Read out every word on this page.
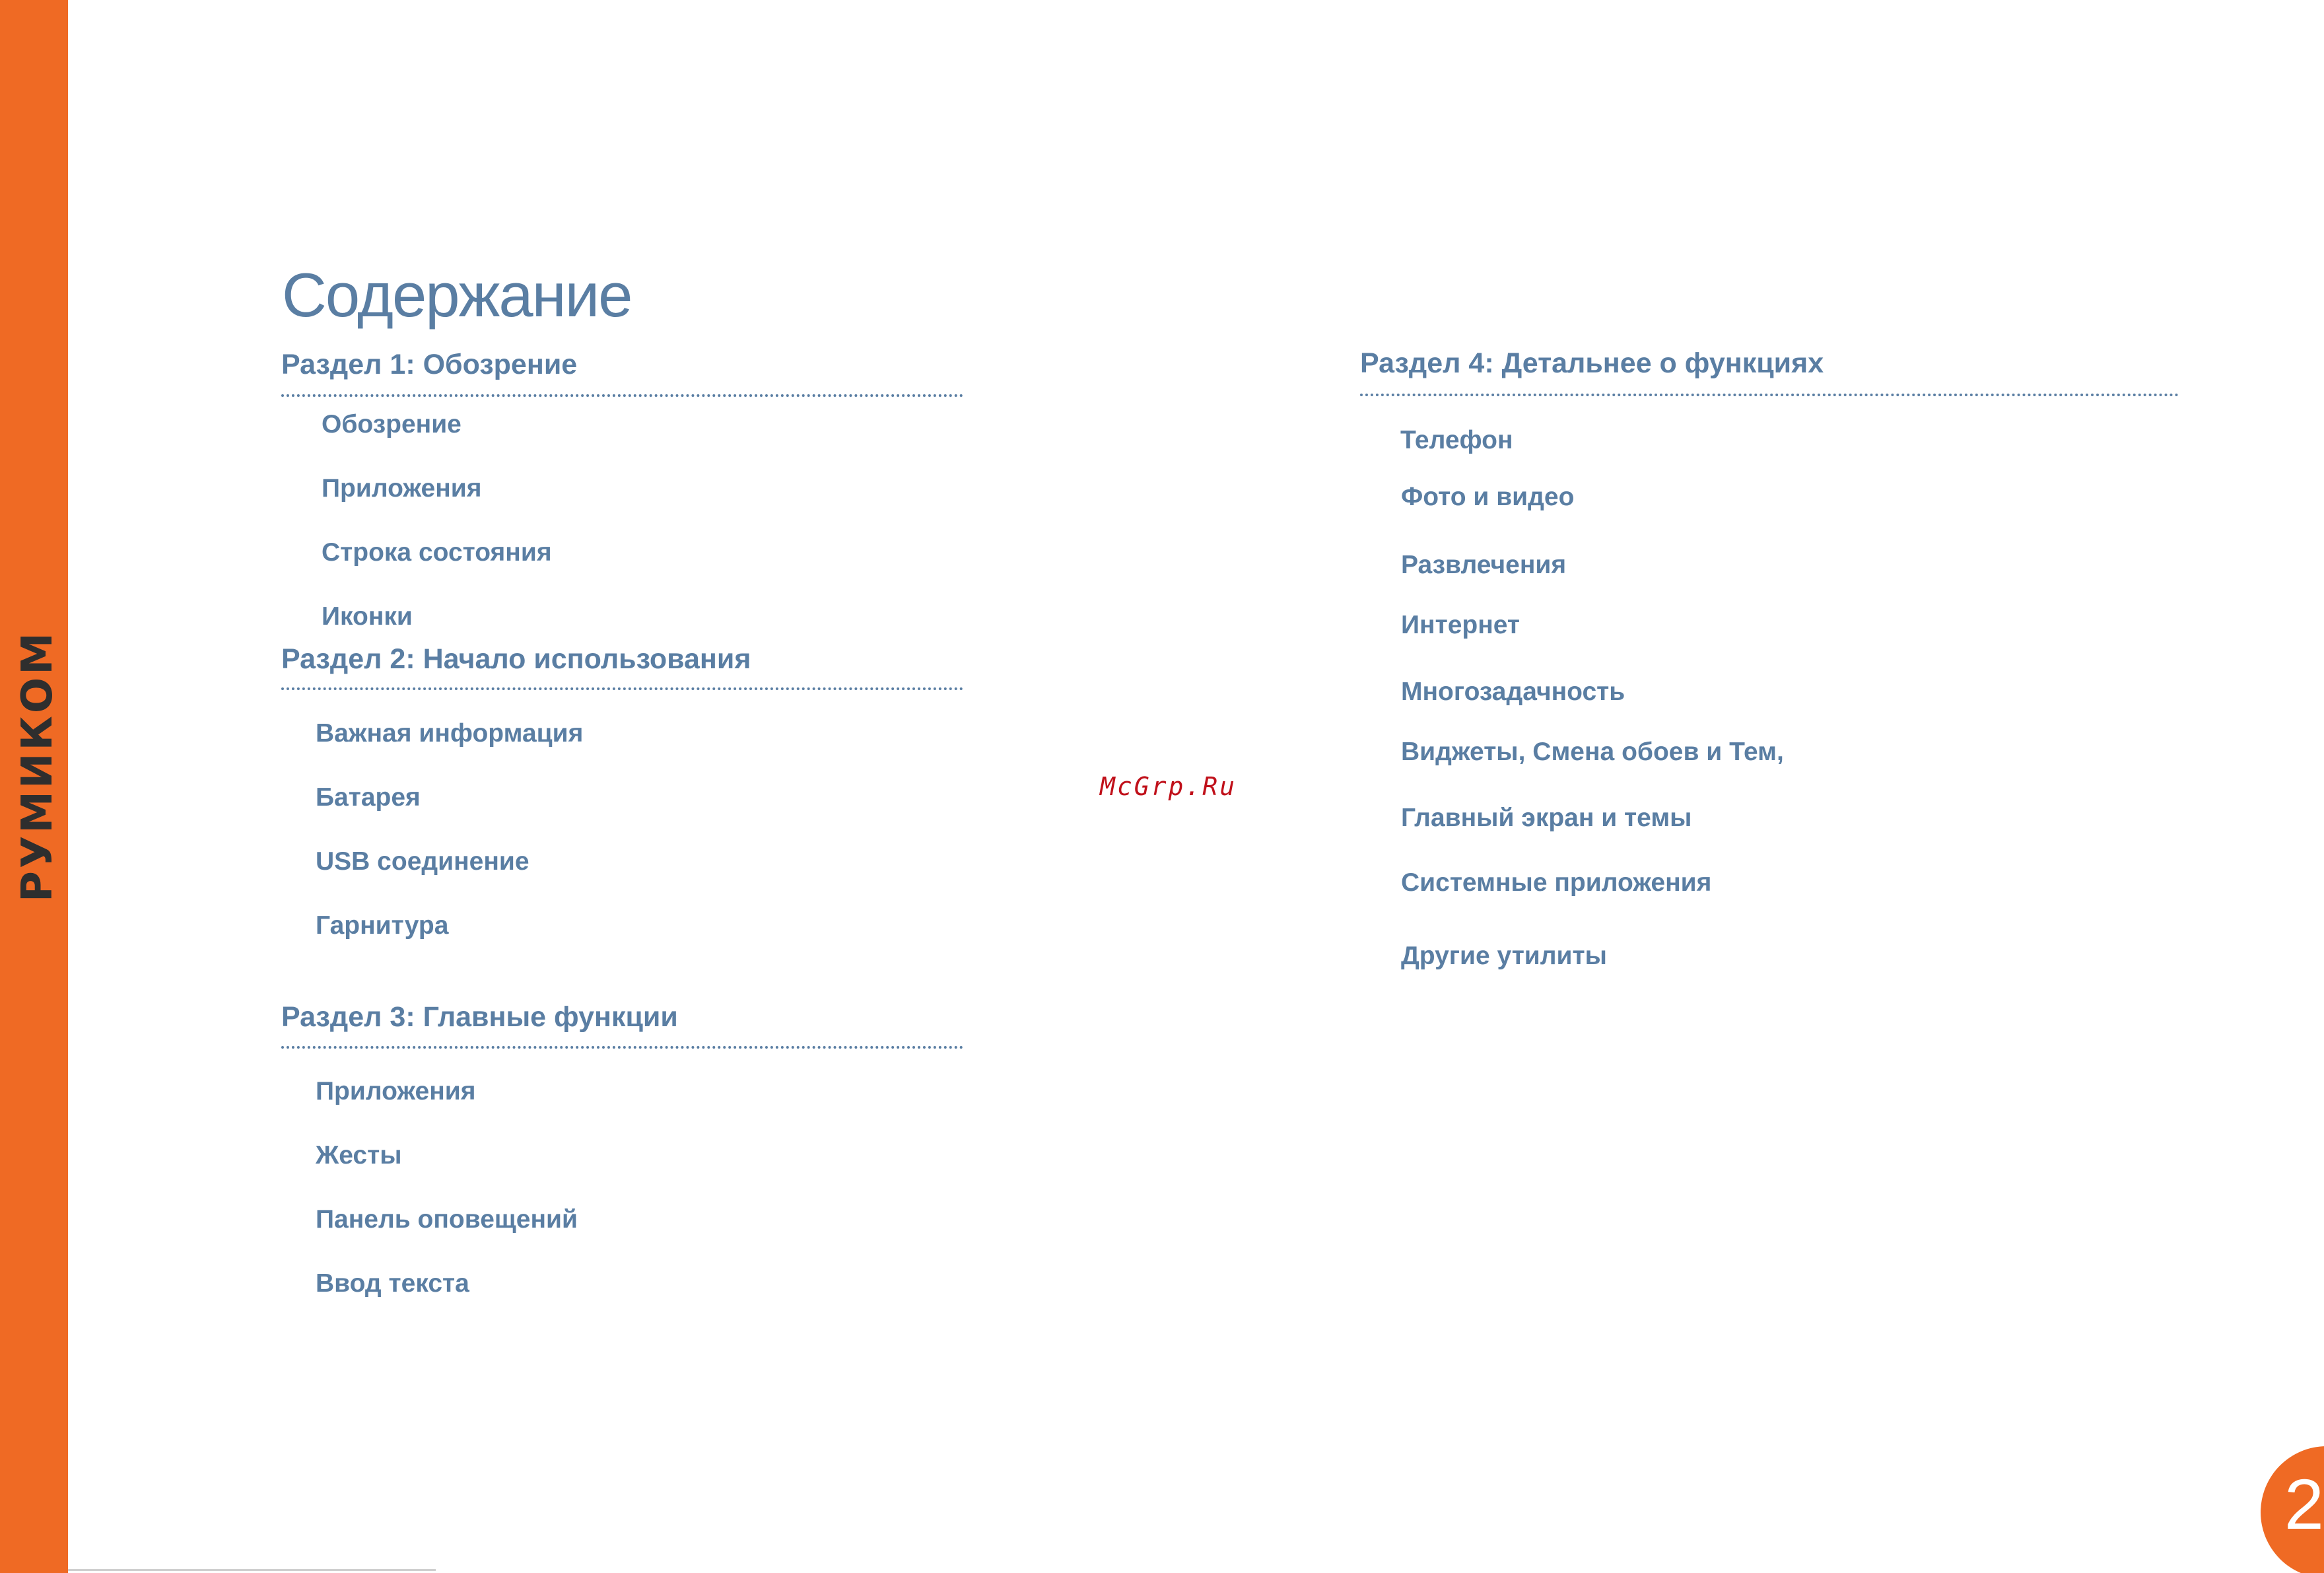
РУМИКОМ
Содержание
Раздел 1: Обозрение
Обозрение
Приложения
Строка состояния
Иконки
Раздел 2: Начало использования
Важная информация
Батарея
USB соединение
Гарнитура
Раздел 3: Главные функции
Приложения
Жесты
Панель оповещений
Ввод текста
Раздел 4: Детальнее о функциях
Телефон
Фото и видео
Развлечения
Интернет
Многозадачность
Виджеты, Смена обоев и Тем,
Главный экран и темы
Системные приложения
Другие утилиты
McGrp.Ru
2
